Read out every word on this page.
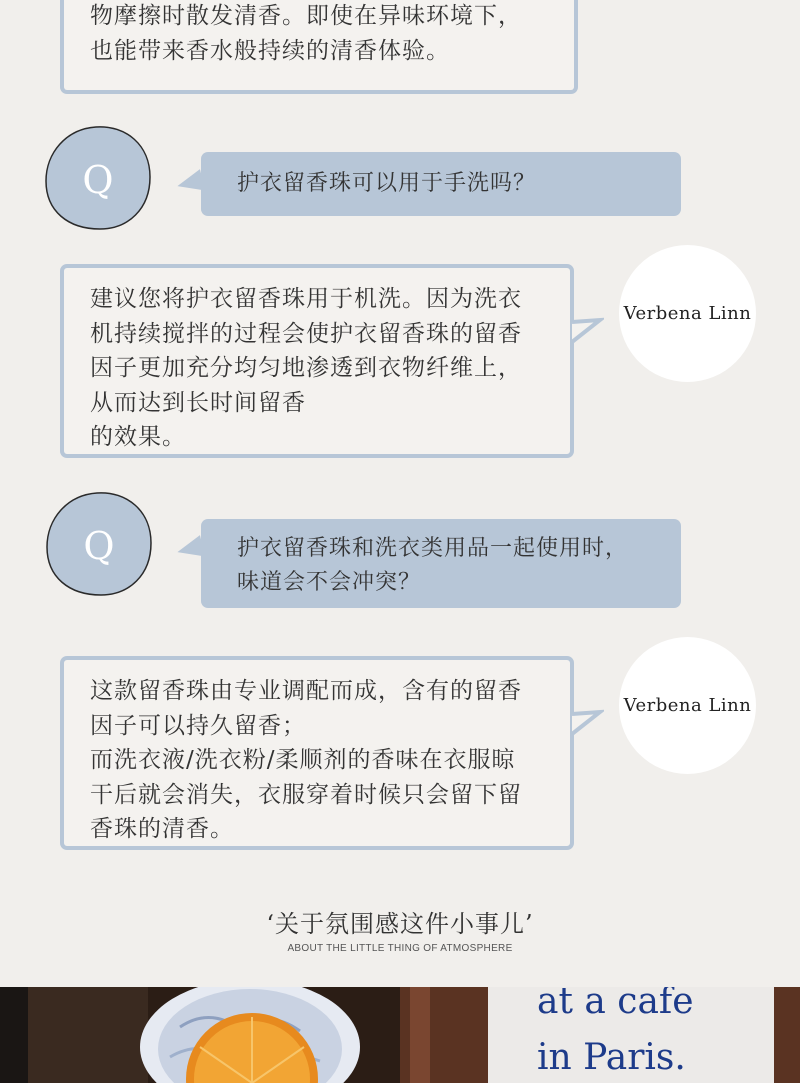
物摩擦时散发清香。即使在异味环境下，
也能带来香水般持续的清香体验。
Q	护衣留香珠可以用于手洗吗？
建议您将护衣留香珠用于机洗。因为洗衣
机持续搅拌的过程会使护衣留香珠的留香
因子更加充分均匀地渗透到衣物纤维上，
从而达到长时间留香
的效果。
Verbena Linn
Q	护衣留香珠和洗衣类用品一起使用时，
味道会不会冲突？
这款留香珠由专业调配而成，含有的留香
因子可以持久留香；
而洗衣液/洗衣粉/柔顺剂的香味在衣服晾
干后就会消失，衣服穿着时候只会留下留
香珠的清香。
Verbena Linn
‘关于氛围感这件小事儿’
ABOUT THE LITTLE THING OF ATMOSPHERE
at a cafe
in Paris.
